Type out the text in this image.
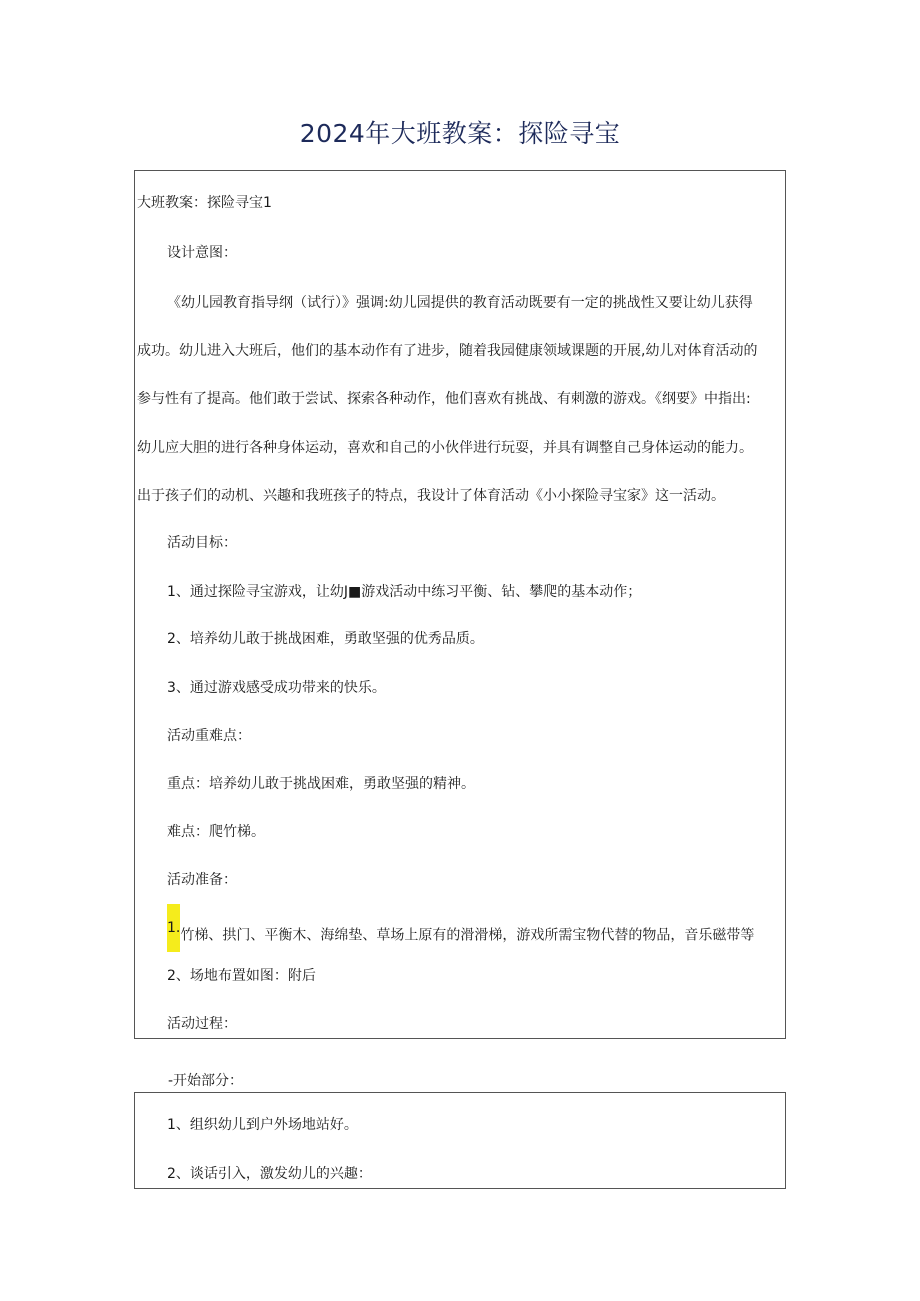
2024年大班教案：探险寻宝
大班教案：探险寻宝1
设计意图：
《幼儿园教育指导纲（试行）》强调:幼儿园提供的教育活动既要有一定的挑战性又要让幼儿获得
成功。幼儿进入大班后，他们的基本动作有了进步，随着我园健康领域课题的开展,幼儿对体育活动的
参与性有了提高。他们敢于尝试、探索各种动作，他们喜欢有挑战、有刺激的游戏。《纲要》中指出:
幼儿应大胆的进行各种身体运动，喜欢和自己的小伙伴进行玩耍，并具有调整自己身体运动的能力。
出于孩子们的动机、兴趣和我班孩子的特点，我设计了体育活动《小小探险寻宝家》这一活动。
活动目标：
1、通过探险寻宝游戏，让幼J■游戏活动中练习平衡、钻、攀爬的基本动作；
2、培养幼儿敢于挑战困难，勇敢坚强的优秀品质。
3、通过游戏感受成功带来的快乐。
活动重难点：
重点：培养幼儿敢于挑战困难，勇敢坚强的精神。
难点：爬竹梯。
活动准备：
1.竹梯、拱门、平衡木、海绵垫、草场上原有的滑滑梯，游戏所需宝物代替的物品，音乐磁带等
2、场地布置如图：附后
活动过程：
-开始部分：
1、组织幼儿到户外场地站好。
2、谈话引入，激发幼儿的兴趣：
